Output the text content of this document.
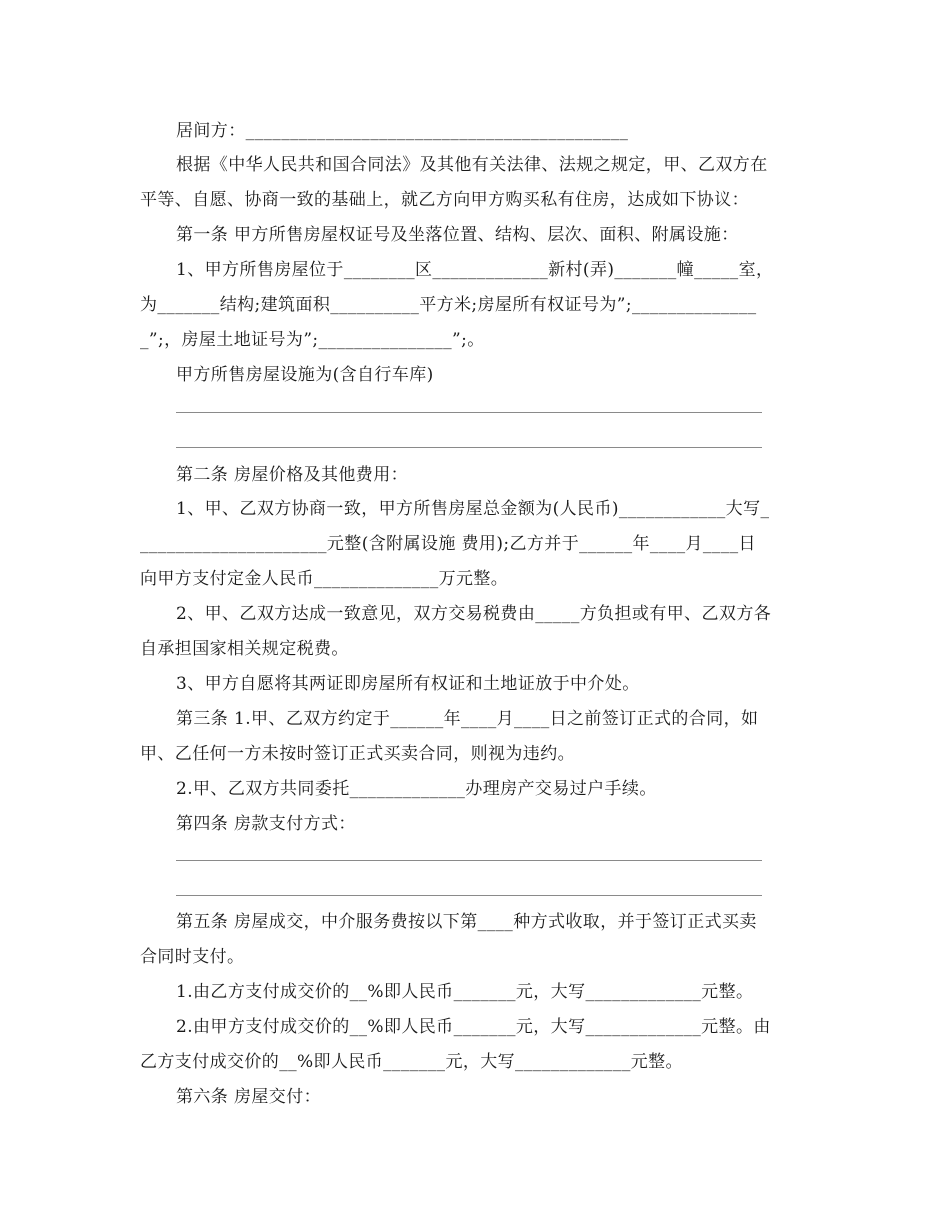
居间方：___________________________________________
根据《中华人民共和国合同法》及其他有关法律、法规之规定，甲、乙双方在
平等、自愿、协商一致的基础上，就乙方向甲方购买私有住房，达成如下协议：
第一条 甲方所售房屋权证号及坐落位置、结构、层次、面积、附属设施：
1、甲方所售房屋位于________区_____________新村(弄)_______幢_____室，
为_______结构;建筑面积__________平方米;房屋所有权证号为”;______________
_”;，房屋土地证号为”;_______________”;。
甲方所售房屋设施为(含自行车库)
第二条 房屋价格及其他费用：
1、甲、乙双方协商一致，甲方所售房屋总金额为(人民币)____________大写_
_____________________元整(含附属设施 费用);乙方并于______年____月____日
向甲方支付定金人民币______________万元整。
2、甲、乙双方达成一致意见，双方交易税费由_____方负担或有甲、乙双方各
自承担国家相关规定税费。
3、甲方自愿将其两证即房屋所有权证和土地证放于中介处。
第三条 1.甲、乙双方约定于______年____月____日之前签订正式的合同，如
甲、乙任何一方未按时签订正式买卖合同，则视为违约。
2.甲、乙双方共同委托_____________办理房产交易过户手续。
第四条 房款支付方式：
第五条 房屋成交，中介服务费按以下第____种方式收取，并于签订正式买卖
合同时支付。
1.由乙方支付成交价的__%即人民币_______元，大写_____________元整。
2.由甲方支付成交价的__%即人民币_______元，大写_____________元整。由
乙方支付成交价的__%即人民币_______元，大写_____________元整。
第六条 房屋交付：
